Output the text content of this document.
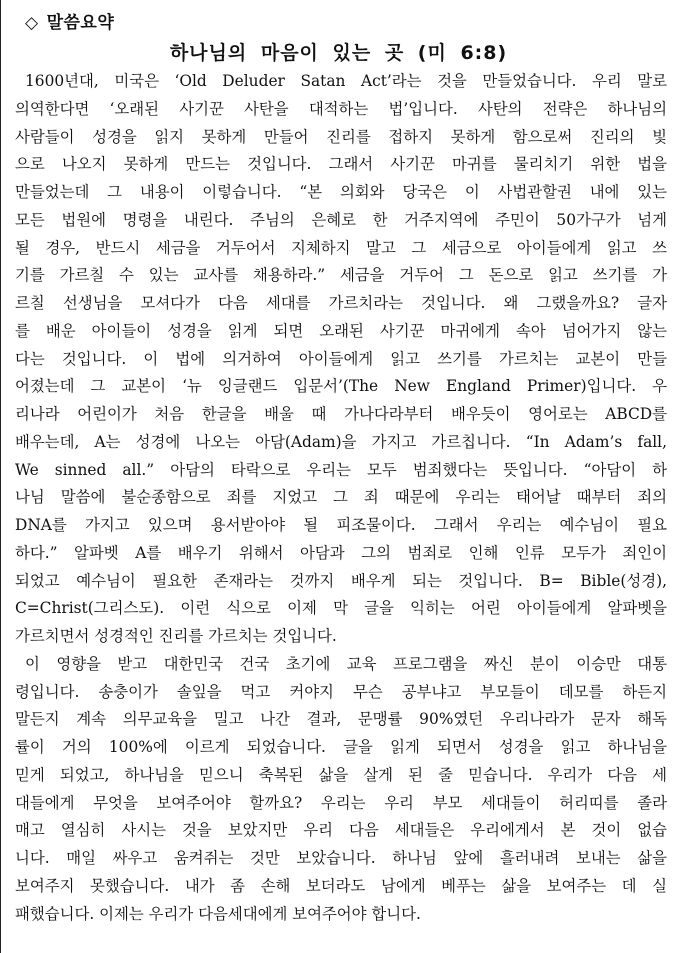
◇ 말씀요약
하나님의 마음이 있는 곳 (미 6:8)
1600년대, 미국은 ‘Old Deluder Satan Act’라는 것을 만들었습니다. 우리 말로
의역한다면 ‘오래된 사기꾼 사탄을 대적하는 법’입니다. 사탄의 전략은 하나님의
사람들이 성경을 읽지 못하게 만들어 진리를 접하지 못하게 함으로써 진리의 빛
으로 나오지 못하게 만드는 것입니다. 그래서 사기꾼 마귀를 물리치기 위한 법을
만들었는데 그 내용이 이렇습니다. “본 의회와 당국은 이 사법관할권 내에 있는
모든 법원에 명령을 내린다. 주님의 은혜로 한 거주지역에 주민이 50가구가 넘게
될 경우, 반드시 세금을 거두어서 지체하지 말고 그 세금으로 아이들에게 읽고 쓰
기를 가르칠 수 있는 교사를 채용하라.” 세금을 거두어 그 돈으로 읽고 쓰기를 가
르칠 선생님을 모셔다가 다음 세대를 가르치라는 것입니다. 왜 그랬을까요? 글자
를 배운 아이들이 성경을 읽게 되면 오래된 사기꾼 마귀에게 속아 넘어가지 않는
다는 것입니다. 이 법에 의거하여 아이들에게 읽고 쓰기를 가르치는 교본이 만들
어졌는데 그 교본이 ‘뉴 잉글랜드 입문서’(The New England Primer)입니다. 우
리나라 어린이가 처음 한글을 배울 때 가나다라부터 배우듯이 영어로는 ABCD를
배우는데, A는 성경에 나오는 아담(Adam)을 가지고 가르칩니다. “In Adam’s fall,
We sinned all.” 아담의 타락으로 우리는 모두 범죄했다는 뜻입니다. “아담이 하
나님 말씀에 불순종함으로 죄를 지었고 그 죄 때문에 우리는 태어날 때부터 죄의
DNA를 가지고 있으며 용서받아야 될 피조물이다. 그래서 우리는 예수님이 필요
하다.” 알파벳 A를 배우기 위해서 아담과 그의 범죄로 인해 인류 모두가 죄인이
되었고 예수님이 필요한 존재라는 것까지 배우게 되는 것입니다. B= Bible(성경),
C=Christ(그리스도). 이런 식으로 이제 막 글을 익히는 어린 아이들에게 알파벳을
가르치면서 성경적인 진리를 가르치는 것입니다.
이 영향을 받고 대한민국 건국 초기에 교육 프로그램을 짜신 분이 이승만 대통
령입니다. 송충이가 솔잎을 먹고 커야지 무슨 공부냐고 부모들이 데모를 하든지
말든지 계속 의무교육을 밀고 나간 결과, 문맹률 90%였던 우리나라가 문자 해독
률이 거의 100%에 이르게 되었습니다. 글을 읽게 되면서 성경을 읽고 하나님을
믿게 되었고, 하나님을 믿으니 축복된 삶을 살게 된 줄 믿습니다. 우리가 다음 세
대들에게 무엇을 보여주어야 할까요? 우리는 우리 부모 세대들이 허리띠를 졸라
매고 열심히 사시는 것을 보았지만 우리 다음 세대들은 우리에게서 본 것이 없습
니다. 매일 싸우고 움켜쥐는 것만 보았습니다. 하나님 앞에 흘러내려 보내는 삶을
보여주지 못했습니다. 내가 좀 손해 보더라도 남에게 베푸는 삶을 보여주는 데 실
패했습니다. 이제는 우리가 다음세대에게 보여주어야 합니다.
